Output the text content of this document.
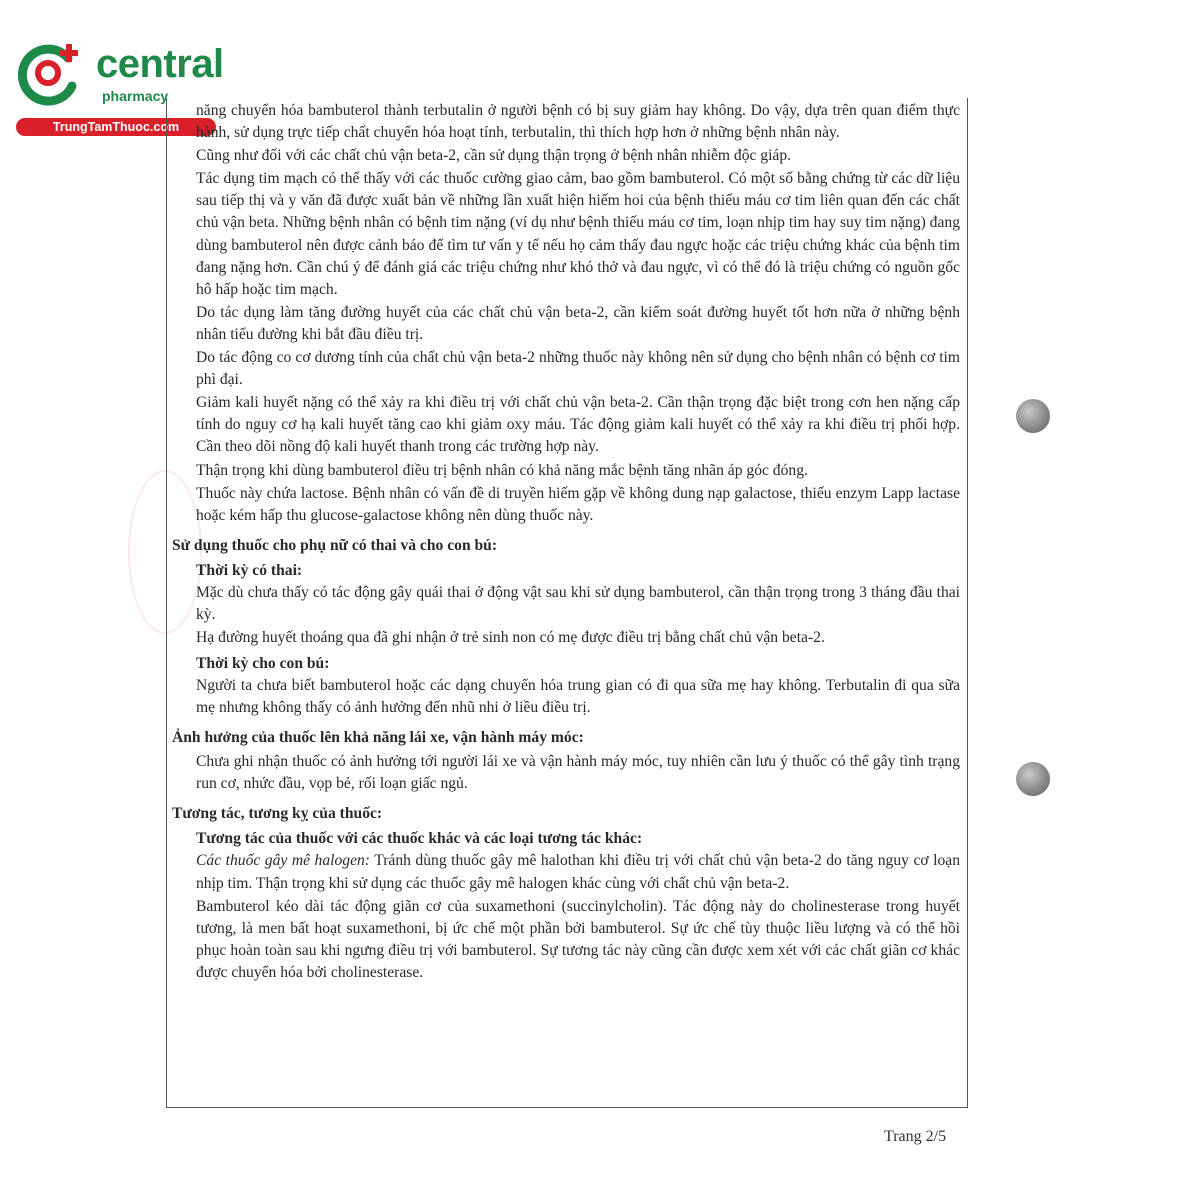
central
pharmacy
TrungTamThuoc.com

năng chuyển hóa bambuterol thành terbutalin ở người bệnh có bị suy giảm hay không. Do vậy, dựa trên quan điểm thực hành, sử dụng trực tiếp chất chuyển hóa hoạt tính, terbutalin, thì thích hợp hơn ở những bệnh nhân này.

Cũng như đối với các chất chủ vận beta-2, cần sử dụng thận trọng ở bệnh nhân nhiễm độc giáp.

Tác dụng tim mạch có thể thấy với các thuốc cường giao cảm, bao gồm bambuterol. Có một số bằng chứng từ các dữ liệu sau tiếp thị và y văn đã được xuất bản về những lần xuất hiện hiếm hoi của bệnh thiếu máu cơ tim liên quan đến các chất chủ vận beta. Những bệnh nhân có bệnh tim nặng (ví dụ như bệnh thiếu máu cơ tim, loạn nhịp tim hay suy tim nặng) đang dùng bambuterol nên được cảnh báo để tìm tư vấn y tế nếu họ cảm thấy đau ngực hoặc các triệu chứng khác của bệnh tim đang nặng hơn. Cần chú ý để đánh giá các triệu chứng như khó thở và đau ngực, vì có thể đó là triệu chứng có nguồn gốc hô hấp hoặc tim mạch.

Do tác dụng làm tăng đường huyết của các chất chủ vận beta-2, cần kiểm soát đường huyết tốt hơn nữa ở những bệnh nhân tiểu đường khi bắt đầu điều trị.

Do tác động co cơ dương tính của chất chủ vận beta-2 những thuốc này không nên sử dụng cho bệnh nhân có bệnh cơ tim phì đại.

Giảm kali huyết nặng có thể xảy ra khi điều trị với chất chủ vận beta-2. Cần thận trọng đặc biệt trong cơn hen nặng cấp tính do nguy cơ hạ kali huyết tăng cao khi giảm oxy máu. Tác động giảm kali huyết có thể xảy ra khi điều trị phối hợp. Cần theo dõi nồng độ kali huyết thanh trong các trường hợp này.

Thận trọng khi dùng bambuterol điều trị bệnh nhân có khả năng mắc bệnh tăng nhãn áp góc đóng.

Thuốc này chứa lactose. Bệnh nhân có vấn đề di truyền hiếm gặp về không dung nạp galactose, thiếu enzym Lapp lactase hoặc kém hấp thu glucose-galactose không nên dùng thuốc này.

Sử dụng thuốc cho phụ nữ có thai và cho con bú:
Thời kỳ có thai:

Mặc dù chưa thấy có tác động gây quái thai ở động vật sau khi sử dụng bambuterol, cần thận trọng trong 3 tháng đầu thai kỳ.

Hạ đường huyết thoáng qua đã ghi nhận ở trẻ sinh non có mẹ được điều trị bằng chất chủ vận beta-2.

Thời kỳ cho con bú:

Người ta chưa biết bambuterol hoặc các dạng chuyển hóa trung gian có đi qua sữa mẹ hay không. Terbutalin đi qua sữa mẹ nhưng không thấy có ảnh hưởng đến nhũ nhi ở liều điều trị.

Ảnh hưởng của thuốc lên khả năng lái xe, vận hành máy móc:

Chưa ghi nhận thuốc có ảnh hưởng tới người lái xe và vận hành máy móc, tuy nhiên cần lưu ý thuốc có thể gây tình trạng run cơ, nhức đầu, vọp bẻ, rối loạn giấc ngủ.

Tương tác, tương kỵ của thuốc:
Tương tác của thuốc với các thuốc khác và các loại tương tác khác:

Các thuốc gây mê halogen: Tránh dùng thuốc gây mê halothan khi điều trị với chất chủ vận beta-2 do tăng nguy cơ loạn nhịp tim. Thận trọng khi sử dụng các thuốc gây mê halogen khác cùng với chất chủ vận beta-2.

Bambuterol kéo dài tác động giãn cơ của suxamethoni (succinylcholin). Tác động này do cholinesterase trong huyết tương, là men bất hoạt suxamethoni, bị ức chế một phần bởi bambuterol. Sự ức chế tùy thuộc liều lượng và có thể hồi phục hoàn toàn sau khi ngưng điều trị với bambuterol. Sự tương tác này cũng cần được xem xét với các chất giãn cơ khác được chuyển hóa bởi cholinesterase.

Trang 2/5
